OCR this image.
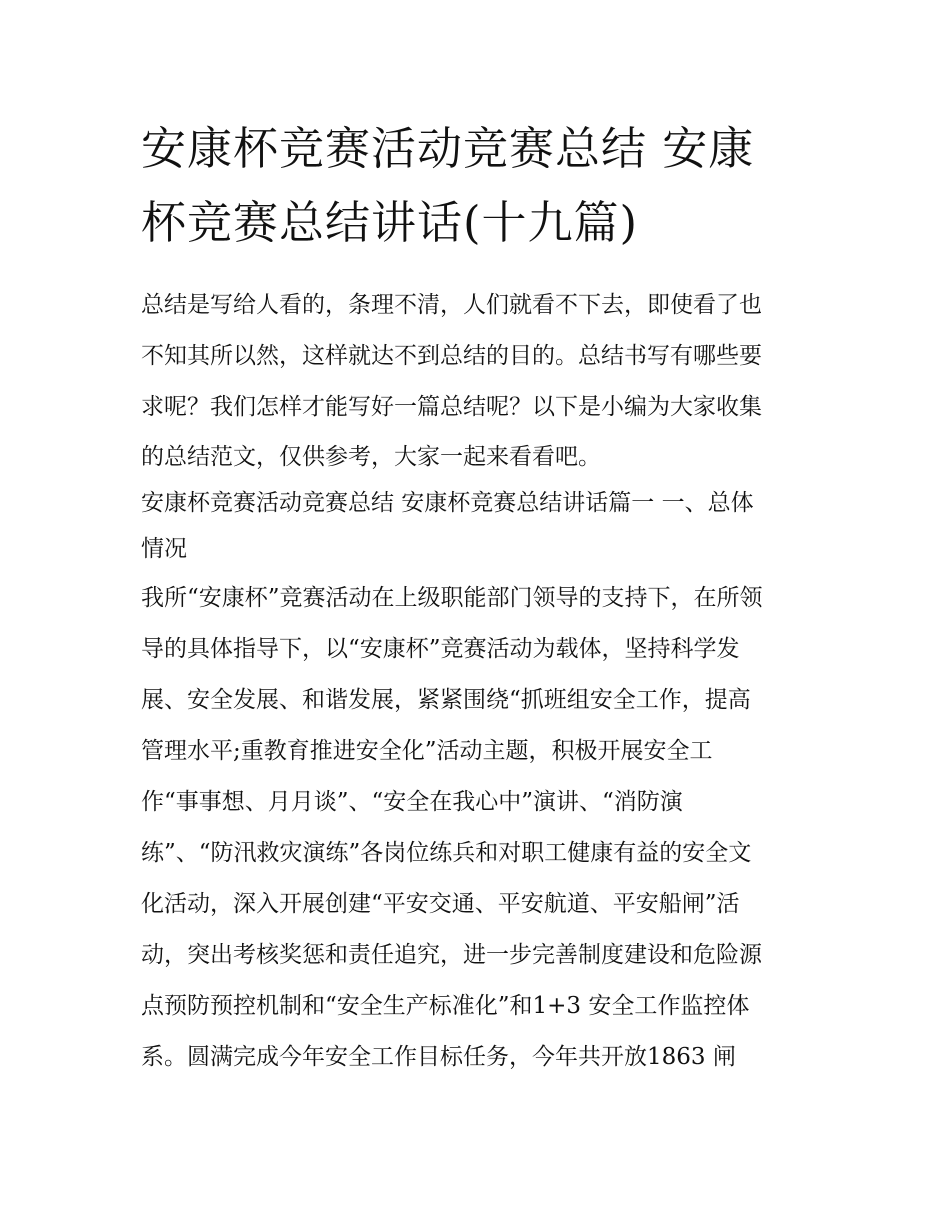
安康杯竞赛活动竞赛总结 安康
杯竞赛总结讲话(十九篇)
总结是写给人看的，条理不清，人们就看不下去，即使看了也
不知其所以然，这样就达不到总结的目的。总结书写有哪些要
求呢？我们怎样才能写好一篇总结呢？以下是小编为大家收集
的总结范文，仅供参考，大家一起来看看吧。
安康杯竞赛活动竞赛总结 安康杯竞赛总结讲话篇一 一、总体
情况
我所“安康杯”竞赛活动在上级职能部门领导的支持下，在所领
导的具体指导下，以“安康杯”竞赛活动为载体，坚持科学发
展、安全发展、和谐发展，紧紧围绕“抓班组安全工作，提高
管理水平;重教育推进安全化”活动主题，积极开展安全工
作“事事想、月月谈”、“安全在我心中”演讲、“消防演
练”、“防汛救灾演练”各岗位练兵和对职工健康有益的安全文
化活动，深入开展创建“平安交通、平安航道、平安船闸”活
动，突出考核奖惩和责任追究，进一步完善制度建设和危险源
点预防预控机制和“安全生产标准化”和1+3 安全工作监控体
系。圆满完成今年安全工作目标任务，今年共开放1863 闸
